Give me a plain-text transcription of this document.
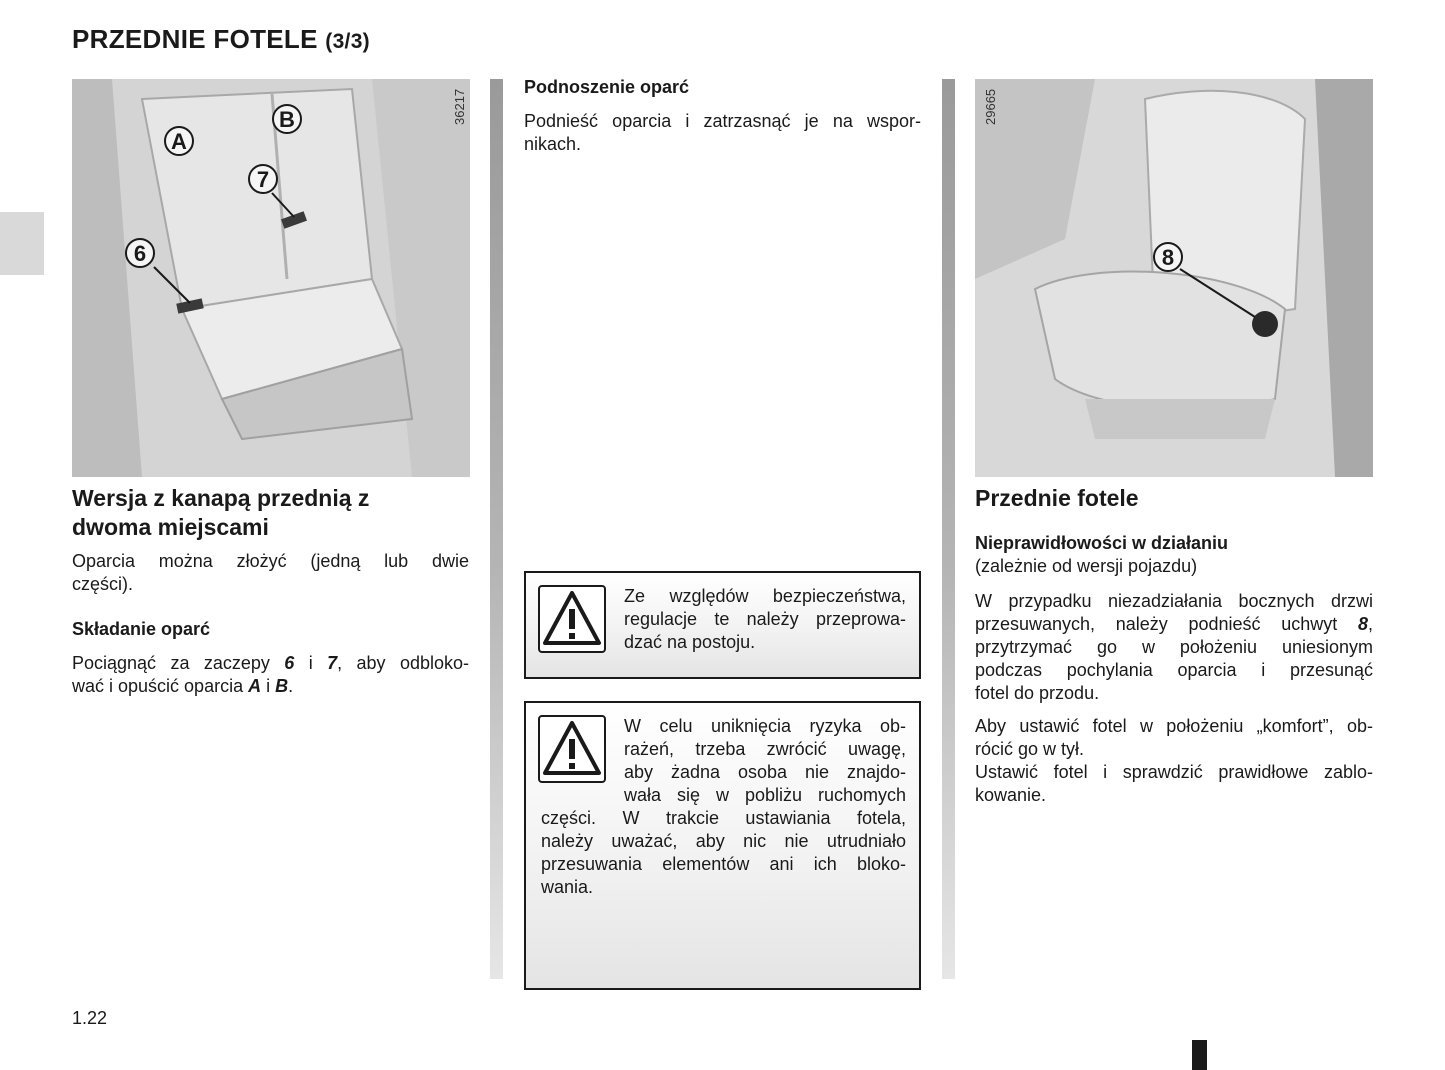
PRZEDNIE FOTELE (3/3)
A
B
7
6
36217
8
29665
Wersja z kanapą przednią z
dwoma miejscami
Oparcia można złożyć (jedną lub dwie
części).
Składanie oparć
Pociągnąć za zaczepy 6 i 7, aby odbloko-
wać i opuścić oparcia A i B.
Podnoszenie oparć
Podnieść oparcia i zatrzasnąć je na wspor-
nikach.
Ze względów bezpieczeństwa,
regulacje te należy przeprowa-
dzać na postoju.
W celu uniknięcia ryzyka ob-
rażeń, trzeba zwrócić uwagę,
aby żadna osoba nie znajdo-
wała się w pobliżu ruchomych
części. W trakcie ustawiania fotela,
należy uważać, aby nic nie utrudniało
przesuwania elementów ani ich bloko-
wania.
Przednie fotele
Nieprawidłowości w działaniu
(zależnie od wersji pojazdu)
W przypadku niezadziałania bocznych drzwi
przesuwanych, należy podnieść uchwyt 8,
przytrzymać go w położeniu uniesionym
podczas pochylania oparcia i przesunąć
fotel do przodu.
Aby ustawić fotel w położeniu „komfort”, ob-
rócić go w tył.
Ustawić fotel i sprawdzić prawidłowe zablo-
kowanie.
1.22
